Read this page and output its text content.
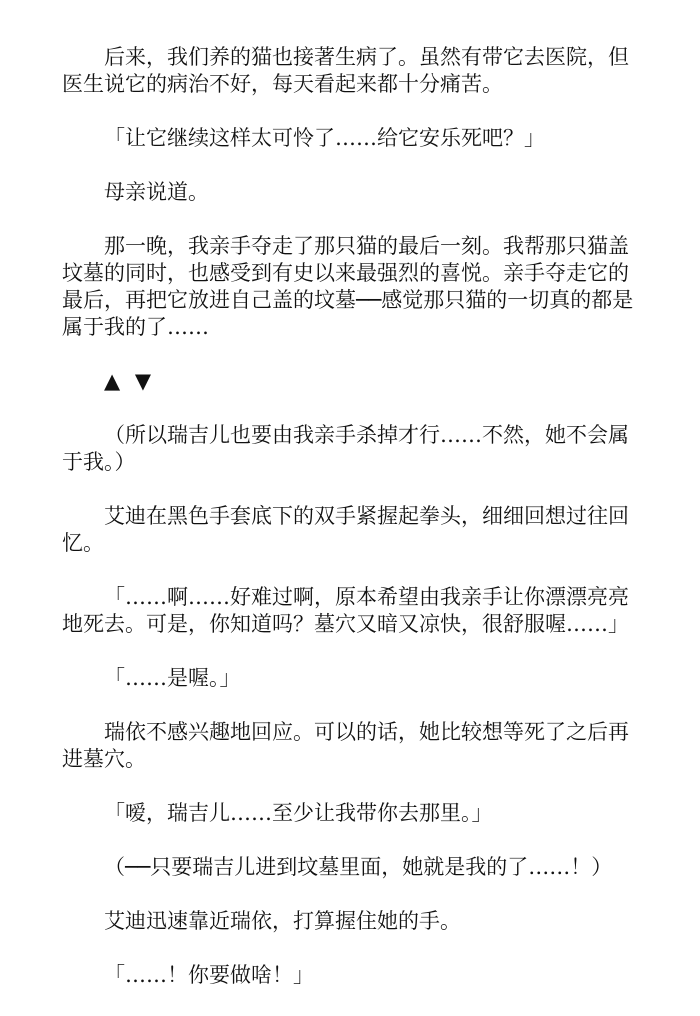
后来，我们养的猫也接著生病了。虽然有带它去医院，但医生说它的病治不好，每天看起来都十分痛苦。

「让它继续这样太可怜了……给它安乐死吧？」

母亲说道。

那一晚，我亲手夺走了那只猫的最后一刻。我帮那只猫盖坟墓的同时，也感受到有史以来最强烈的喜悦。亲手夺走它的最后，再把它放进自己盖的坟墓──感觉那只猫的一切真的都是属于我的了……

▲ ▼

（所以瑞吉儿也要由我亲手杀掉才行……不然，她不会属于我。）

艾迪在黑色手套底下的双手紧握起拳头，细细回想过往回忆。

「……啊……好难过啊，原本希望由我亲手让你漂漂亮亮地死去。可是，你知道吗？墓穴又暗又凉快，很舒服喔……」

「……是喔。」

瑞依不感兴趣地回应。可以的话，她比较想等死了之后再进墓穴。

「嗳，瑞吉儿……至少让我带你去那里。」

（──只要瑞吉儿进到坟墓里面，她就是我的了……！）

艾迪迅速靠近瑞依，打算握住她的手。

「……！你要做啥！」
